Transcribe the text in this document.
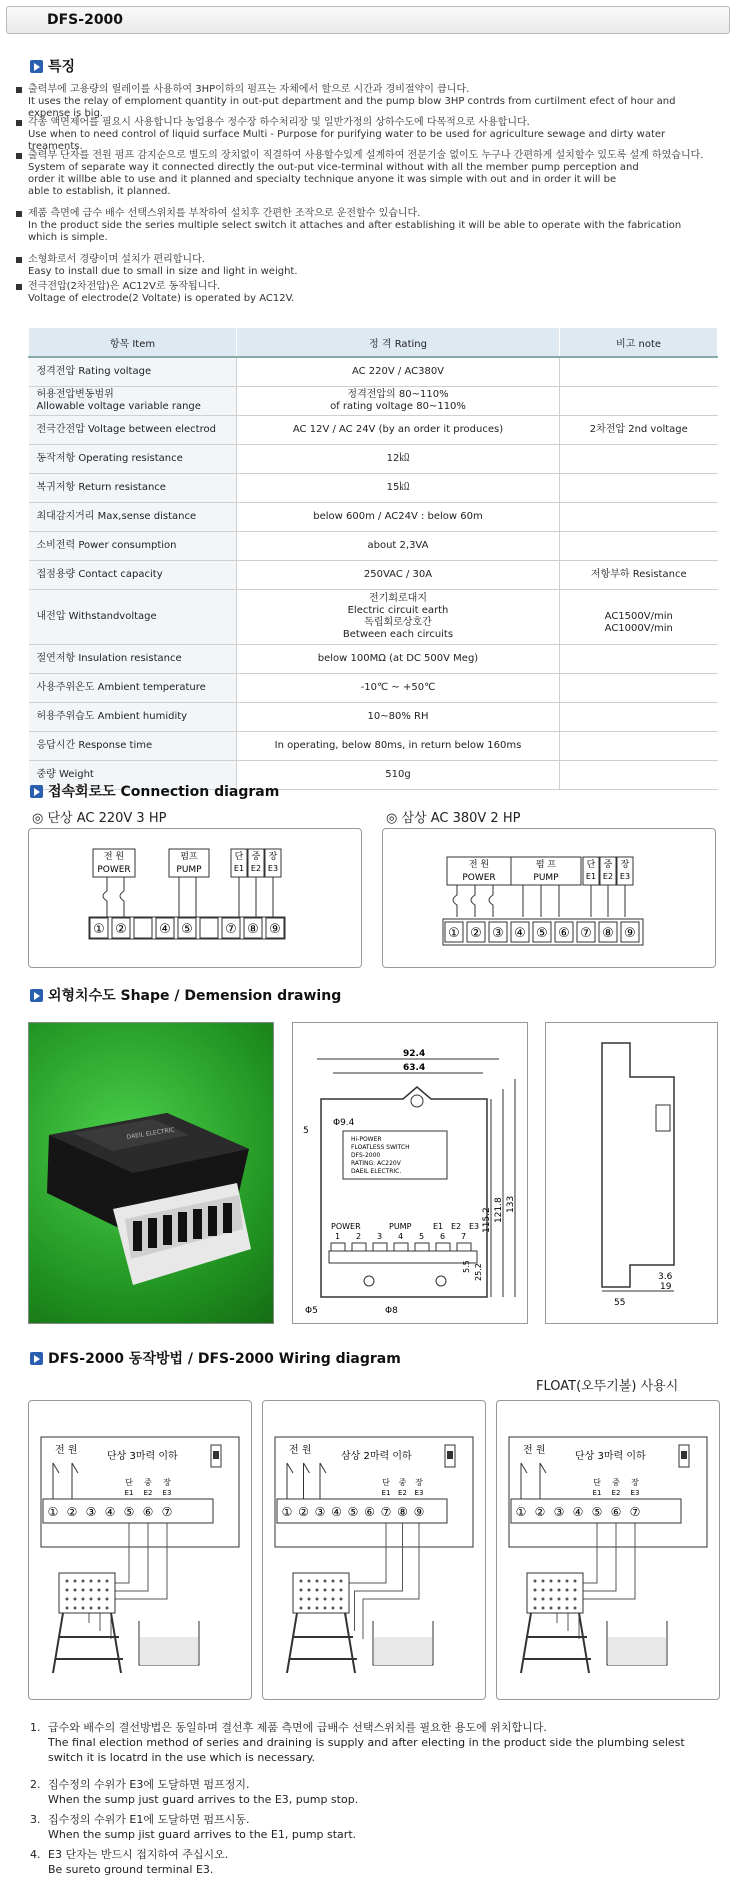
DFS-2000
특징
출력부에 고용량의 릴레이를 사용하여 3HP이하의 펌프는 자체에서 할으로 시간과 경비절약이 큽니다.
It uses the relay of emploment quantity in out-put department and the pump blow 3HP contrds from curtilment efect of hour and expense is big.
각종 액면제어를 필요시 사용합니다 농업용수 정수장 하수처리장 및 일반가정의 상하수도에 다목적으로 사용합니다.
Use when to need control of liquid surface Multi - Purpose for purifying water to be used for agriculture sewage and dirty water treaments.
출력부 단자를 전원 펌프 감지순으로 별도의 장치없이 직결하여 사용할수있게 설계하여 전문기술 없이도 누구나 간편하게 설치할수 있도록 설계 하였습니다.
System of separate way it connected directly the out-put vice-terminal without with all the member pump perception and
order it willbe able to use and it planned and specialty technique anyone it was simple with out and in order it will be
able to establish, it planned.
제품 측면에 급수 배수 선택스위치를 부착하여 설치후 간편한 조작으로 운전할수 있습니다.
In the product side the series multiple select switch it attaches and after establishing it will be able to operate with the fabrication
which is simple.
소형화로서 경량이며 설치가 편리합니다.
Easy to install due to small in size and light in weight.
전극전압(2차전압)은 AC12V로 동작됩니다.
Voltage of electrode(2 Voltate) is operated by AC12V.
항목 Item	정 격 Rating	비고 note
정격전압 Rating voltage	AC 220V / AC380V	
허용전압변동범위
Allowable voltage variable range	정격전압의 80~110%
of rating voltage 80~110%	
전극간전압 Voltage between electrod	AC 12V / AC 24V (by an order it produces)	2차전압 2nd voltage
동작저항 Operating resistance	12㏀	
복귀저항 Return resistance	15㏀	
최대감지거리 Max,sense distance	below 600m / AC24V : below 60m	
소비전력 Power consumption	about 2,3VA	
접점용량 Contact capacity	250VAC / 30A	저항부하 Resistance
내전압 Withstandvoltage	전기회로대지
Electric circuit earth
독립회로상호간
Between each circuits	
AC1500V/min
AC1000V/min

절연저항 Insulation resistance	below 100MΩ (at DC 500V Meg)	
사용주위온도 Ambient temperature	-10℃ ~ +50℃	
허용주위습도 Ambient humidity	10~80% RH	
응답시간 Response time	In operating, below 80ms, in return below 160ms	
중량 Weight	510g	
접속회로도 Connection diagram
◎ 단상 AC 220V 3 HP	◎ 삼상 AC 380V 2 HP
전 원
POWER
펌프
PUMP
단
E1
중
E2
장
E3
① ② ④ ⑤ ⑦ ⑧ ⑨
전 원
POWER
펌 프
PUMP
단
E1
중
E2
장
E3
① ② ③ ④ ⑤ ⑥ ⑦ ⑧ ⑨
외형치수도 Shape / Demension drawing
DAEIL ELECTRIC
92.4
63.4
5
Φ9.4
Hi-POWER
FLOATLESS SWITCH
DFS-2000
RATING: AC220V
DAEIL ELECTRIC.
POWER	PUMP	E1 E2 E3
1 2 3 4 5 6 7
Φ5	Φ8
115.2 121.8 133
5.5 25.2	3.6
19
55
DFS-2000 동작방법 / DFS-2000 Wiring diagram
FLOAT(오뚜기볼) 사용시
전 원
단상 3마력 이하
단
E1
중
E2
장
E3
① ② ③ ④ ⑤ ⑥ ⑦
전 원
삼상 2마력 이하
단
E1
중
E2
장
E3
① ② ③ ④ ⑤ ⑥ ⑦ ⑧ ⑨
전 원
단상 3마력 이하
단
E1
중
E2
장
E3
① ② ③ ④ ⑤ ⑥ ⑦
1. 급수와 배수의 결선방법은 동일하며 결선후 제품 측면에 급배수 선택스위치를 필요한 용도에 위치합니다.
The final election method of series and draining is supply and after electing in the product side the plumbing selest
switch it is locatrd in the use which is necessary.
2. 집수정의 수위가 E3에 도달하면 펌프정지.
When the sump just guard arrives to the E3, pump stop.
3. 집수정의 수위가 E1에 도달하면 펌프시동.
When the sump jist guard arrives to the E1, pump start.
4. E3 단자는 반드시 접지하여 주십시오.
Be sureto ground terminal E3.
